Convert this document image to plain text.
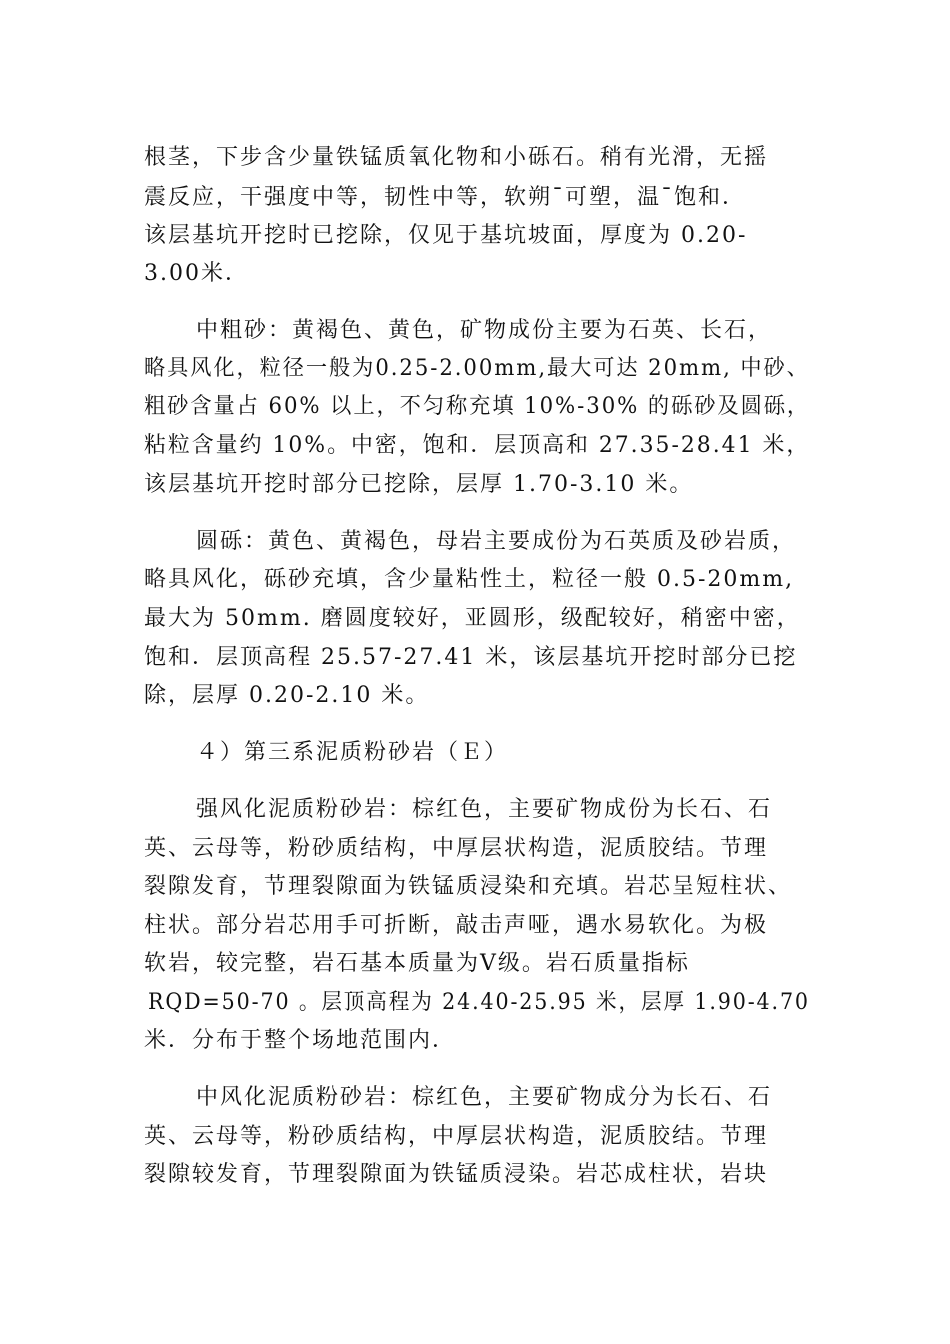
根茎，下步含少量铁锰质氧化物和小砾石。稍有光滑，无摇
震反应，干强度中等，韧性中等，软朔¯可塑，温¯饱和．
该层基坑开挖时已挖除，仅见于基坑坡面，厚度为 0.20-
3.00米．
中粗砂：黄褐色、黄色，矿物成份主要为石英、长石，
略具风化，粒径一般为0.25-2.00mm,最大可达 20mm, 中砂、
粗砂含量占 60% 以上，不匀称充填 10%-30% 的砾砂及圆砾，
粘粒含量约 10%。中密，饱和．层顶高和 27.35-28.41 米，
该层基坑开挖时部分已挖除，层厚 1.70-3.10 米。
圆砾：黄色、黄褐色，母岩主要成份为石英质及砂岩质，
略具风化，砾砂充填，含少量粘性土，粒径一般 0.5-20mm,
最大为 50mm. 磨圆度较好，亚圆形，级配较好，稍密中密，
饱和．层顶高程 25.57-27.41 米，该层基坑开挖时部分已挖
除，层厚 0.20-2.10 米。
４）第三系泥质粉砂岩（Ｅ）
强风化泥质粉砂岩：棕红色，主要矿物成份为长石、石
英、云母等，粉砂质结构，中厚层状构造，泥质胶结。节理
裂隙发育，节理裂隙面为铁锰质浸染和充填。岩芯呈短柱状、
柱状。部分岩芯用手可折断，敲击声哑，遇水易软化。为极
软岩，较完整，岩石基本质量为Ⅴ级。岩石质量指标
RQD=50-70 。层顶高程为 24.40-25.95 米，层厚 1.90-4.70
米．分布于整个场地范围内．
中风化泥质粉砂岩：棕红色，主要矿物成分为长石、石
英、云母等，粉砂质结构，中厚层状构造，泥质胶结。节理
裂隙较发育，节理裂隙面为铁锰质浸染。岩芯成柱状，岩块
